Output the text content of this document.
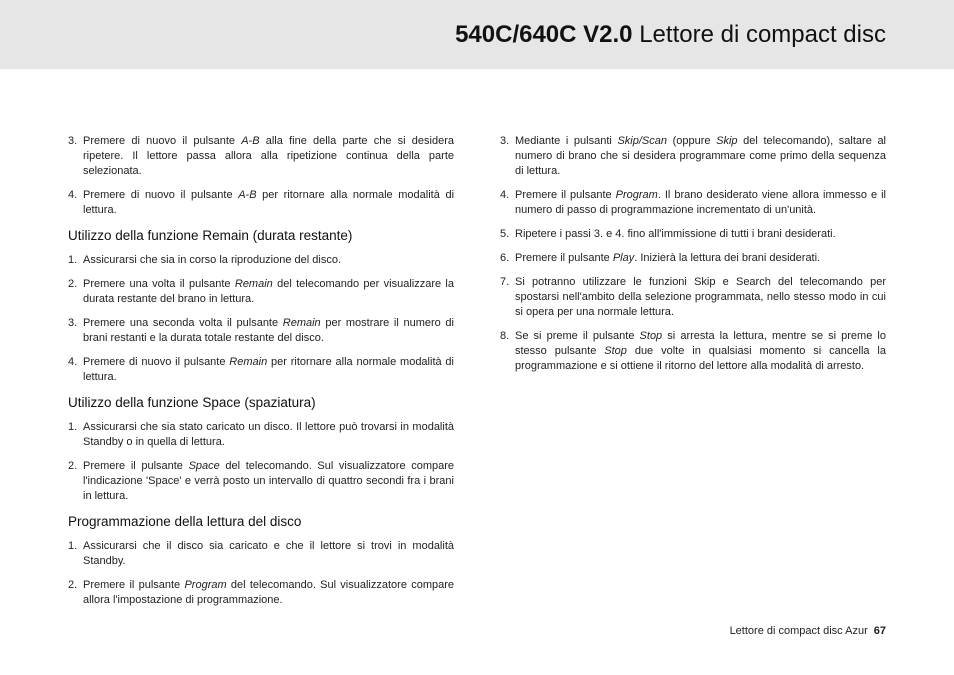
540C/640C V2.0 Lettore di compact disc
3. Premere di nuovo il pulsante A-B alla fine della parte che si desidera ripetere. Il lettore passa allora alla ripetizione continua della parte selezionata.
4. Premere di nuovo il pulsante A-B per ritornare alla normale modalità di lettura.
Utilizzo della funzione Remain (durata restante)
1. Assicurarsi che sia in corso la riproduzione del disco.
2. Premere una volta il pulsante Remain del telecomando per visualizzare la durata restante del brano in lettura.
3. Premere una seconda volta il pulsante Remain per mostrare il numero di brani restanti e la durata totale restante del disco.
4. Premere di nuovo il pulsante Remain per ritornare alla normale modalità di lettura.
Utilizzo della funzione Space (spaziatura)
1. Assicurarsi che sia stato caricato un disco. Il lettore può trovarsi in modalità Standby o in quella di lettura.
2. Premere il pulsante Space del telecomando. Sul visualizzatore compare l'indicazione 'Space' e verrà posto un intervallo di quattro secondi fra i brani in lettura.
Programmazione della lettura del disco
1. Assicurarsi che il disco sia caricato e che il lettore si trovi in modalità Standby.
2. Premere il pulsante Program del telecomando. Sul visualizzatore compare allora l'impostazione di programmazione.
3. Mediante i pulsanti Skip/Scan (oppure Skip del telecomando), saltare al numero di brano che si desidera programmare come primo della sequenza di lettura.
4. Premere il pulsante Program. Il brano desiderato viene allora immesso e il numero di passo di programmazione incrementato di un'unità.
5. Ripetere i passi 3. e 4. fino all'immissione di tutti i brani desiderati.
6. Premere il pulsante Play. Inizierà la lettura dei brani desiderati.
7. Si potranno utilizzare le funzioni Skip e Search del telecomando per spostarsi nell'ambito della selezione programmata, nello stesso modo in cui si opera per una normale lettura.
8. Se si preme il pulsante Stop si arresta la lettura, mentre se si preme lo stesso pulsante Stop due volte in qualsiasi momento si cancella la programmazione e si ottiene il ritorno del lettore alla modalità di arresto.
Lettore di compact disc Azur 67
